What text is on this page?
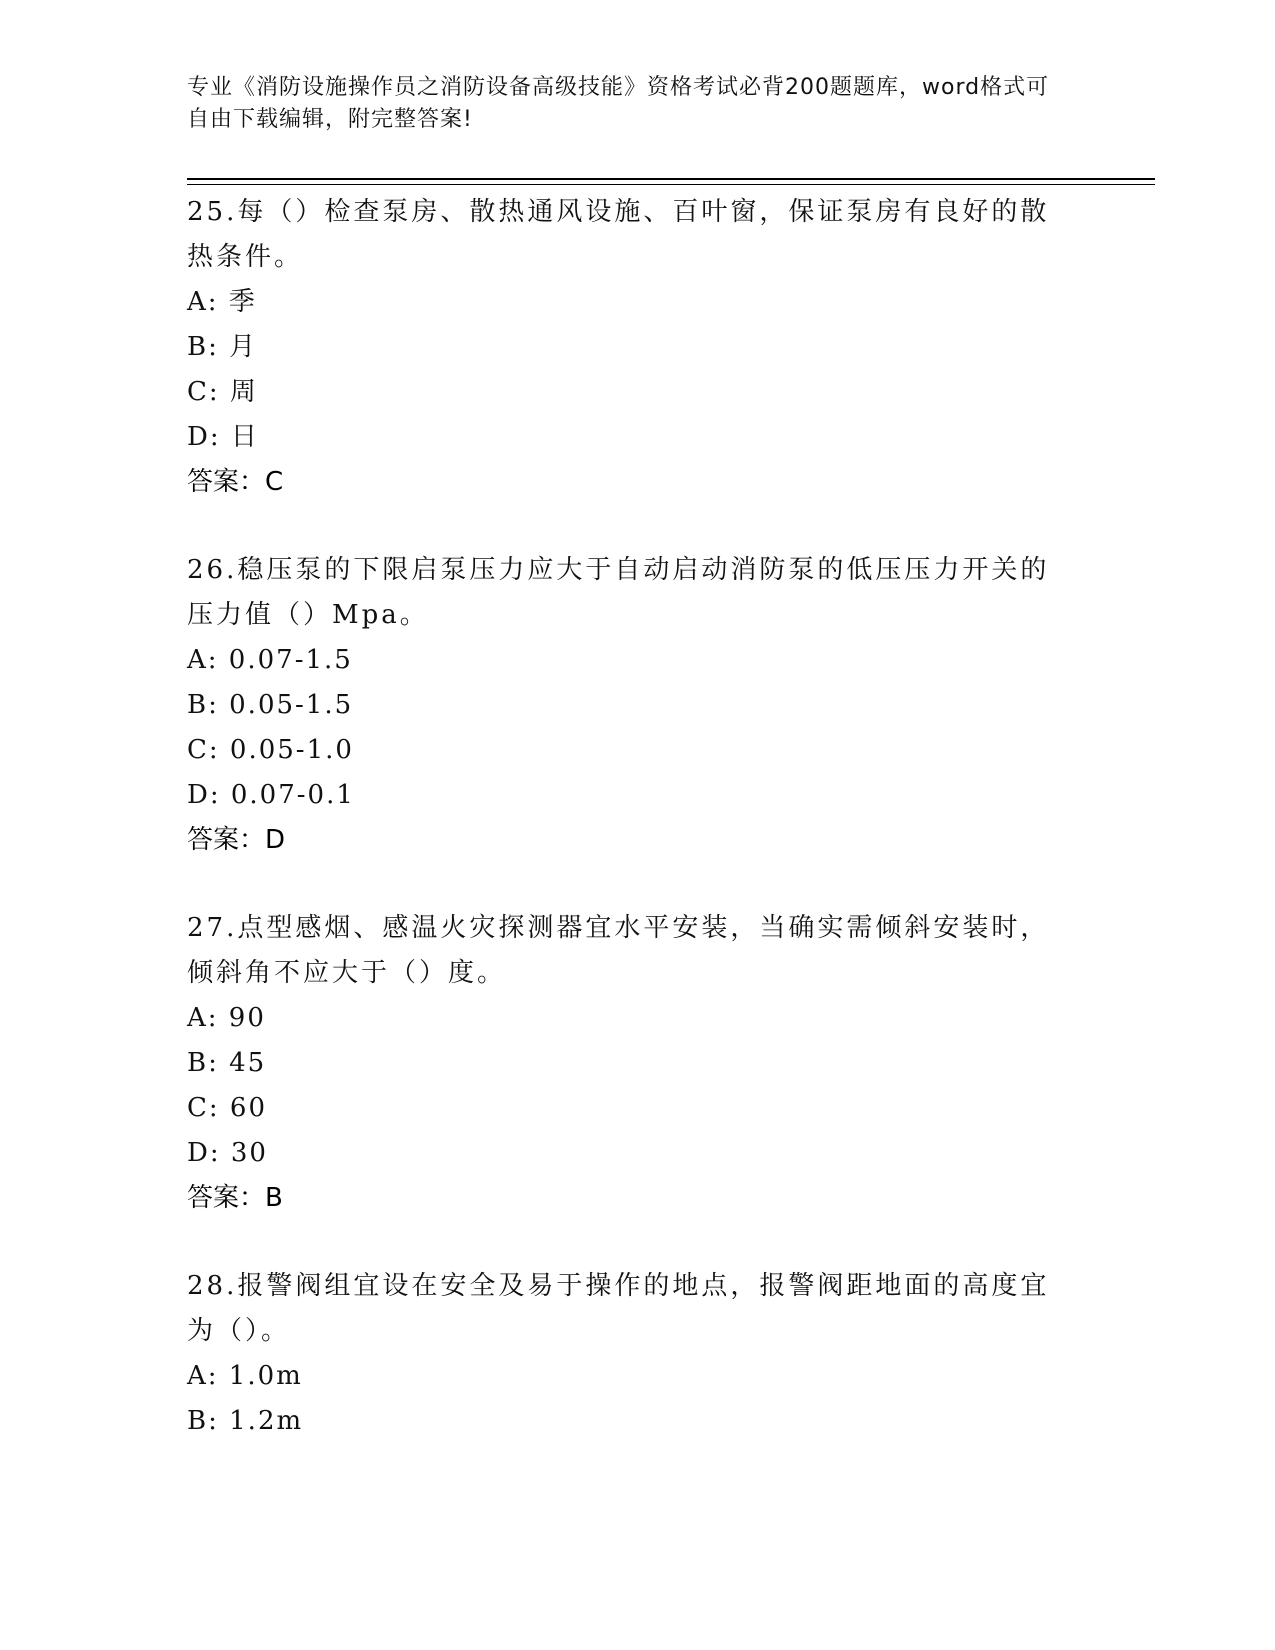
专业《消防设施操作员之消防设备高级技能》资格考试必背200题题库，word格式可自由下载编辑，附完整答案!

25.每（）检查泵房、散热通风设施、百叶窗，保证泵房有良好的散热条件。

A: 季

B: 月

C: 周

D: 日

答案：C

26.稳压泵的下限启泵压力应大于自动启动消防泵的低压压力开关的压力值（）Mpa。

A: 0.07-1.5

B: 0.05-1.5

C: 0.05-1.0

D: 0.07-0.1

答案：D

27.点型感烟、感温火灾探测器宜水平安装，当确实需倾斜安装时，倾斜角不应大于（）度。

A: 90

B: 45

C: 60

D: 30

答案：B

28.报警阀组宜设在安全及易于操作的地点，报警阀距地面的高度宜为（）。

A: 1.0m

B: 1.2m
